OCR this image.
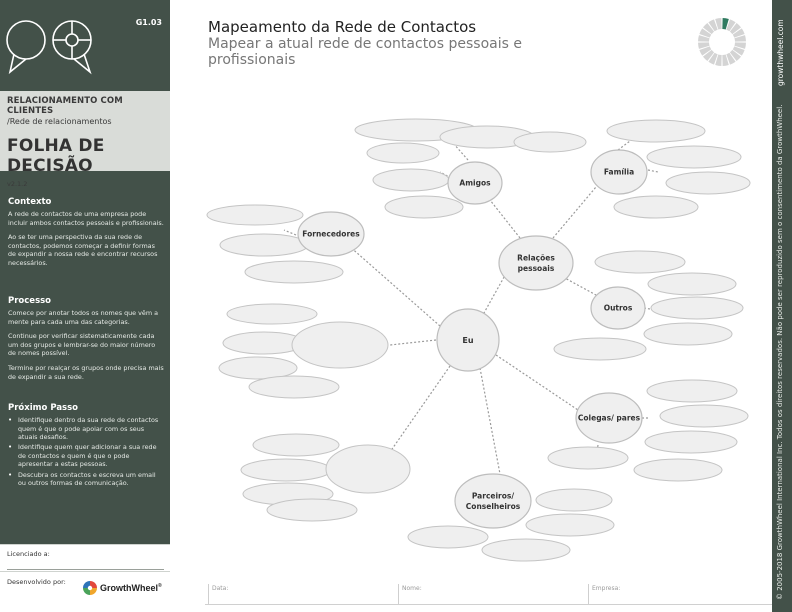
G1.03
RELACIONAMENTO COM CLIENTES
/Rede de relacionamentos
FOLHA DE DECISÃO
v2.1.2
Contexto

A rede de contactos de uma empresa pode incluir ambos contactos pessoais e profissionais.

Ao se ter uma perspectiva da sua rede de contactos, podemos começar a definir formas de expandir a nossa rede e encontrar recursos necessários.

Processo

Comece por anotar todos os nomes que vêm a mente para cada uma das categorias.

Continue por verificar sistematicamente cada um dos grupos e lembrar-se do maior número de nomes possível.

Termine por realçar os grupos onde precisa mais de expandir a sua rede.

Próximo Passo
• Identifique dentro da sua rede de contactos quem é que o pode apoiar com os seus atuais desafios.
• Identifique quem quer adicionar a sua rede de contactos e quem é que o pode apresentar a estas pessoas.
• Descubra os contactos e escreva um email ou outros formas de comunicação.
Licenciado a:
Desenvolvido por:
GrowthWheel®
growthwheel.com
© 2005-2018 GrowthWheel International Inc. Todos os direitos reservados. Não pode ser reproduzido sem o consentimento da GrowthWheel.
Mapeamento da Rede de Contactos
Mapear a atual rede de contactos pessoais e profissionais
Eu
Relações
pessoais
Amigos
Família
Outros
Fornecedores
Colegas/ pares
Parceiros/
Conselheiros
Data:	Nome:	Empresa:
